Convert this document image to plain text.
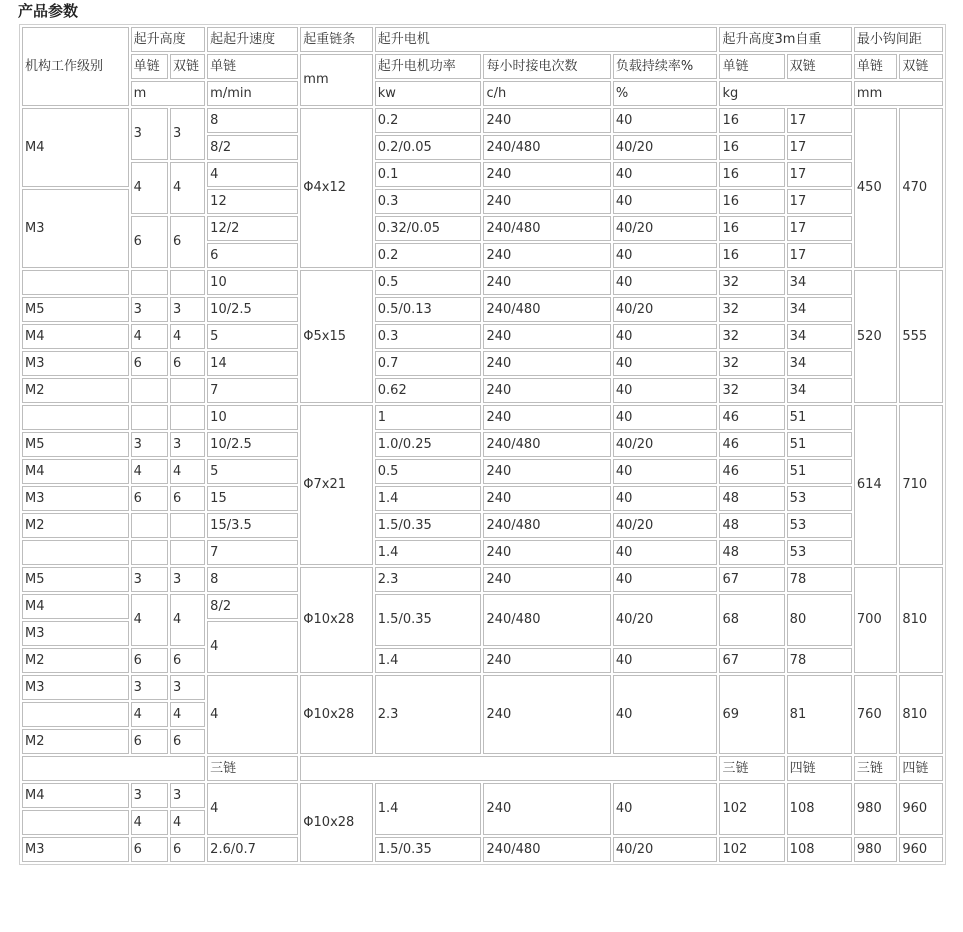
产品参数
机构工作级别	起升高度		起起升速度	起重链条	起升电机			起升高度3m自重		最小钩间距	
	单链	双链	单链	mm	起升电机功率	每小时接电次数	负载持续率%	单链	双链	单链	双链
	m		m/min		kw	c/h	%	kg		mm	
M4	3	3	8	Φ4x12	0.2	240	40	16	17	450	470
			8/2		0.2/0.05	240/480	40/20	16	17		
	4	4	4		0.1	240	40	16	17		
M3			12		0.3	240	40	16	17		
	6	6	12/2		0.32/0.05	240/480	40/20	16	17		
			6		0.2	240	40	16	17		
			10	Φ5x15	0.5	240	40	32	34	520	555
M5	3	3	10/2.5		0.5/0.13	240/480	40/20	32	34		
M4	4	4	5		0.3	240	40	32	34		
M3	6	6	14		0.7	240	40	32	34		
M2			7		0.62	240	40	32	34		
			10	Φ7x21	1	240	40	46	51	614	710
M5	3	3	10/2.5		1.0/0.25	240/480	40/20	46	51		
M4	4	4	5		0.5	240	40	46	51		
M3	6	6	15		1.4	240	40	48	53		
M2			15/3.5		1.5/0.35	240/480	40/20	48	53		
			7		1.4	240	40	48	53		
M5	3	3	8	Φ10x28	2.3	240	40	67	78	700	810
M4	4	4	8/2		1.5/0.35	240/480	40/20	68	80		
M3			4								
M2	6	6			1.4	240	40	67	78		
M3	3	3	4	Φ10x28	2.3	240	40	69	81	760	810
	4	4									
M2	6	6									
			三链					三链	四链	三链	四链
M4	3	3	4	Φ10x28	1.4	240	40	102	108	980	960
	4	4									
M3	6	6	2.6/0.7		1.5/0.35	240/480	40/20	102	108	980	960
